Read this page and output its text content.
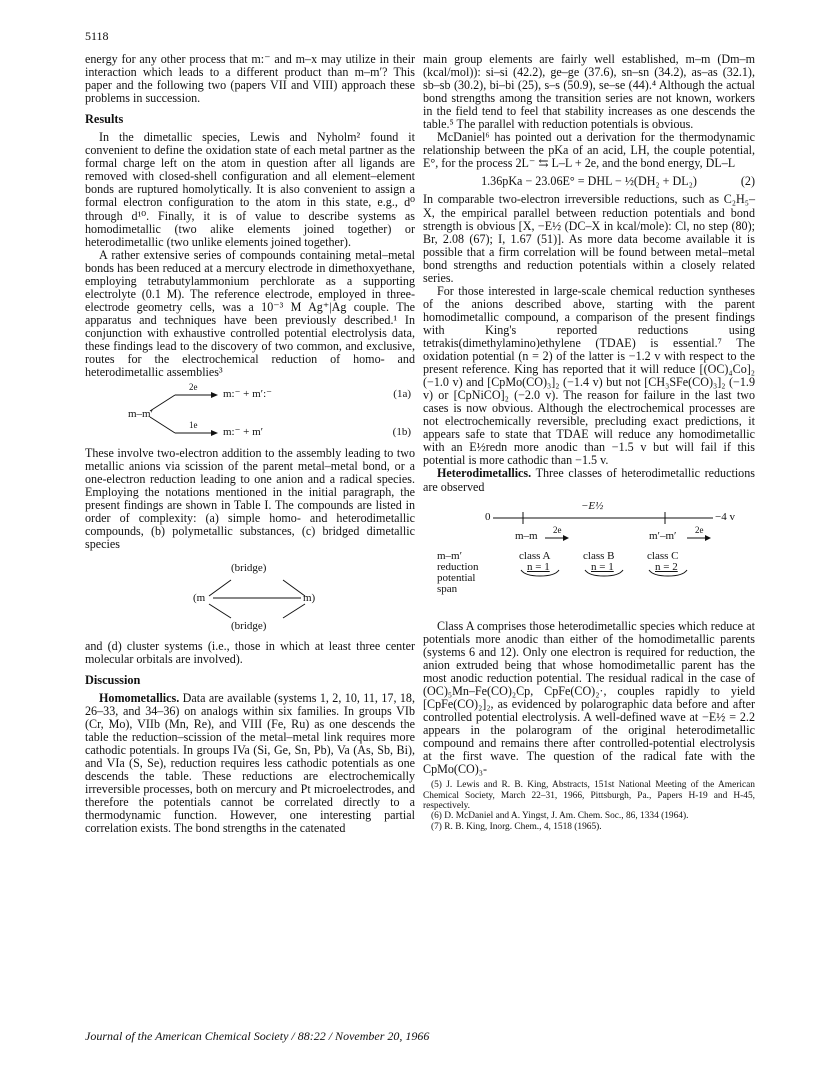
5118

energy for any other process that m:⁻ and m–x may utilize in their interaction which leads to a different product than m–m′? This paper and the following two (papers VII and VIII) approach these problems in succession.

Results

In the dimetallic species, Lewis and Nyholm² found it convenient to define the oxidation state of each metal partner as the formal charge left on the atom in question after all ligands are removed with closed-shell configuration and all element–element bonds are ruptured homolytically. It is also convenient to assign a formal electron configuration to the atom in this state, e.g., d⁰ through d¹⁰. Finally, it is of value to describe systems as homodimetallic (two alike elements joined together) or heterodimetallic (two unlike elements joined together).

A rather extensive series of compounds containing metal–metal bonds has been reduced at a mercury electrode in dimethoxyethane, employing tetrabutylammonium perchlorate as a supporting electrolyte (0.1 M). The reference electrode, employed in three-electrode geometry cells, was a 10⁻³ M Ag⁺|Ag couple. The apparatus and techniques have been previously described.¹ In conjunction with exhaustive controlled potential electrolysis data, these findings lead to the discovery of two common, and exclusive, routes for the electrochemical reduction of homo- and heterodimetallic assemblies³

m–m′
2e
m:⁻ + m′:⁻	(1a)
1e
m:⁻ + m′	(1b)

These involve two-electron addition to the assembly leading to two metallic anions via scission of the parent metal–metal bond, or a one-electron reduction leading to one anion and a radical species. Employing the notations mentioned in the initial paragraph, the present findings are shown in Table I. The compounds are listed in order of complexity: (a) simple homo- and heterodimetallic compounds, (b) polymetallic substances, (c) bridged dimetallic species

(bridge)
(m	m)
(bridge)

and (d) cluster systems (i.e., those in which at least three center molecular orbitals are involved).

Discussion

Homometallics. Data are available (systems 1, 2, 10, 11, 17, 18, 26–33, and 34–36) on analogs within six families. In groups VIb (Cr, Mo), VIIb (Mn, Re), and VIII (Fe, Ru) as one descends the table the reduction–scission of the metal–metal link requires more cathodic potentials. In groups IVa (Si, Ge, Sn, Pb), Va (As, Sb, Bi), and VIa (S, Se), reduction requires less cathodic potentials as one descends the table. These reductions are electrochemically irreversible processes, both on mercury and Pt microelectrodes, and therefore the potentials cannot be correlated directly to a thermodynamic function. However, one interesting partial correlation exists. The bond strengths in the catenated

main group elements are fairly well established, m–m (Dm–m (kcal/mol)): si–si (42.2), ge–ge (37.6), sn–sn (34.2), as–as (32.1), sb–sb (30.2), bi–bi (25), s–s (50.9), se–se (44).⁴ Although the actual bond strengths among the transition series are not known, workers in the field tend to feel that stability increases as one descends the table.⁵ The parallel with reduction potentials is obvious.

McDaniel⁶ has pointed out a derivation for the thermodynamic relationship between the pKa of an acid, LH, the couple potential, E°, for the process 2L⁻ ⇆ L–L + 2e, and the bond energy, DL–L

1.36pKa − 23.06E° = DHL − ½(DH₂ + DL₂)	(2)

In comparable two-electron irreversible reductions, such as C₂H₅–X, the empirical parallel between reduction potentials and bond strength is obvious [X, −E½ (DC–X in kcal/mole): Cl, no step (80); Br, 2.08 (67); I, 1.67 (51)]. As more data become available it is possible that a firm correlation will be found between metal–metal bond strengths and reduction potentials within a closely related series.

For those interested in large-scale chemical reduction syntheses of the anions described above, starting with the parent homodimetallic compound, a comparison of the present findings with King's reported reductions using tetrakis(dimethylamino)ethylene (TDAE) is essential.⁷ The oxidation potential (n = 2) of the latter is −1.2 v with respect to the present reference. King has reported that it will reduce [(OC)₄Co]₂ (−1.0 v) and [CpMo(CO)₃]₂ (−1.4 v) but not [CH₃SFe(CO)₃]₂ (−1.9 v) or [CpNiCO]₂ (−2.0 v). The reason for failure in the last two cases is now obvious. Although the electrochemical processes are not electrochemically reversible, precluding exact predictions, it appears safe to state that TDAE will reduce any homodimetallic with an E½redn more anodic than −1.5 v but will fail if this potential is more cathodic than −1.5 v.

Heterodimetallics. Three classes of heterodimetallic reductions are observed

−E½
0	−4 v
m–m 2e	m′–m′ 2e
m–m′
reduction
potential
span
class A	class B	class C
n = 1	n = 1	n = 2

Class A comprises those heterodimetallic species which reduce at potentials more anodic than either of the homodimetallic parents (systems 6 and 12). Only one electron is required for reduction, the anion extruded being that whose homodimetallic parent has the most anodic reduction potential. The residual radical in the case of (OC)₅Mn–Fe(CO)₂Cp, CpFe(CO)₂·, couples rapidly to yield [CpFe(CO)₂]₂, as evidenced by polarographic data before and after controlled potential electrolysis. A well-defined wave at −E½ = 2.2 appears in the polarogram of the original heterodimetallic compound and remains there after controlled-potential electrolysis at the first wave. The question of the radical fate with the CpMo(CO)₃-

(5) J. Lewis and R. B. King, Abstracts, 151st National Meeting of the American Chemical Society, March 22–31, 1966, Pittsburgh, Pa., Papers H-19 and H-45, respectively.

(6) D. McDaniel and A. Yingst, J. Am. Chem. Soc., 86, 1334 (1964).

(7) R. B. King, Inorg. Chem., 4, 1518 (1965).

Journal of the American Chemical Society / 88:22 / November 20, 1966
